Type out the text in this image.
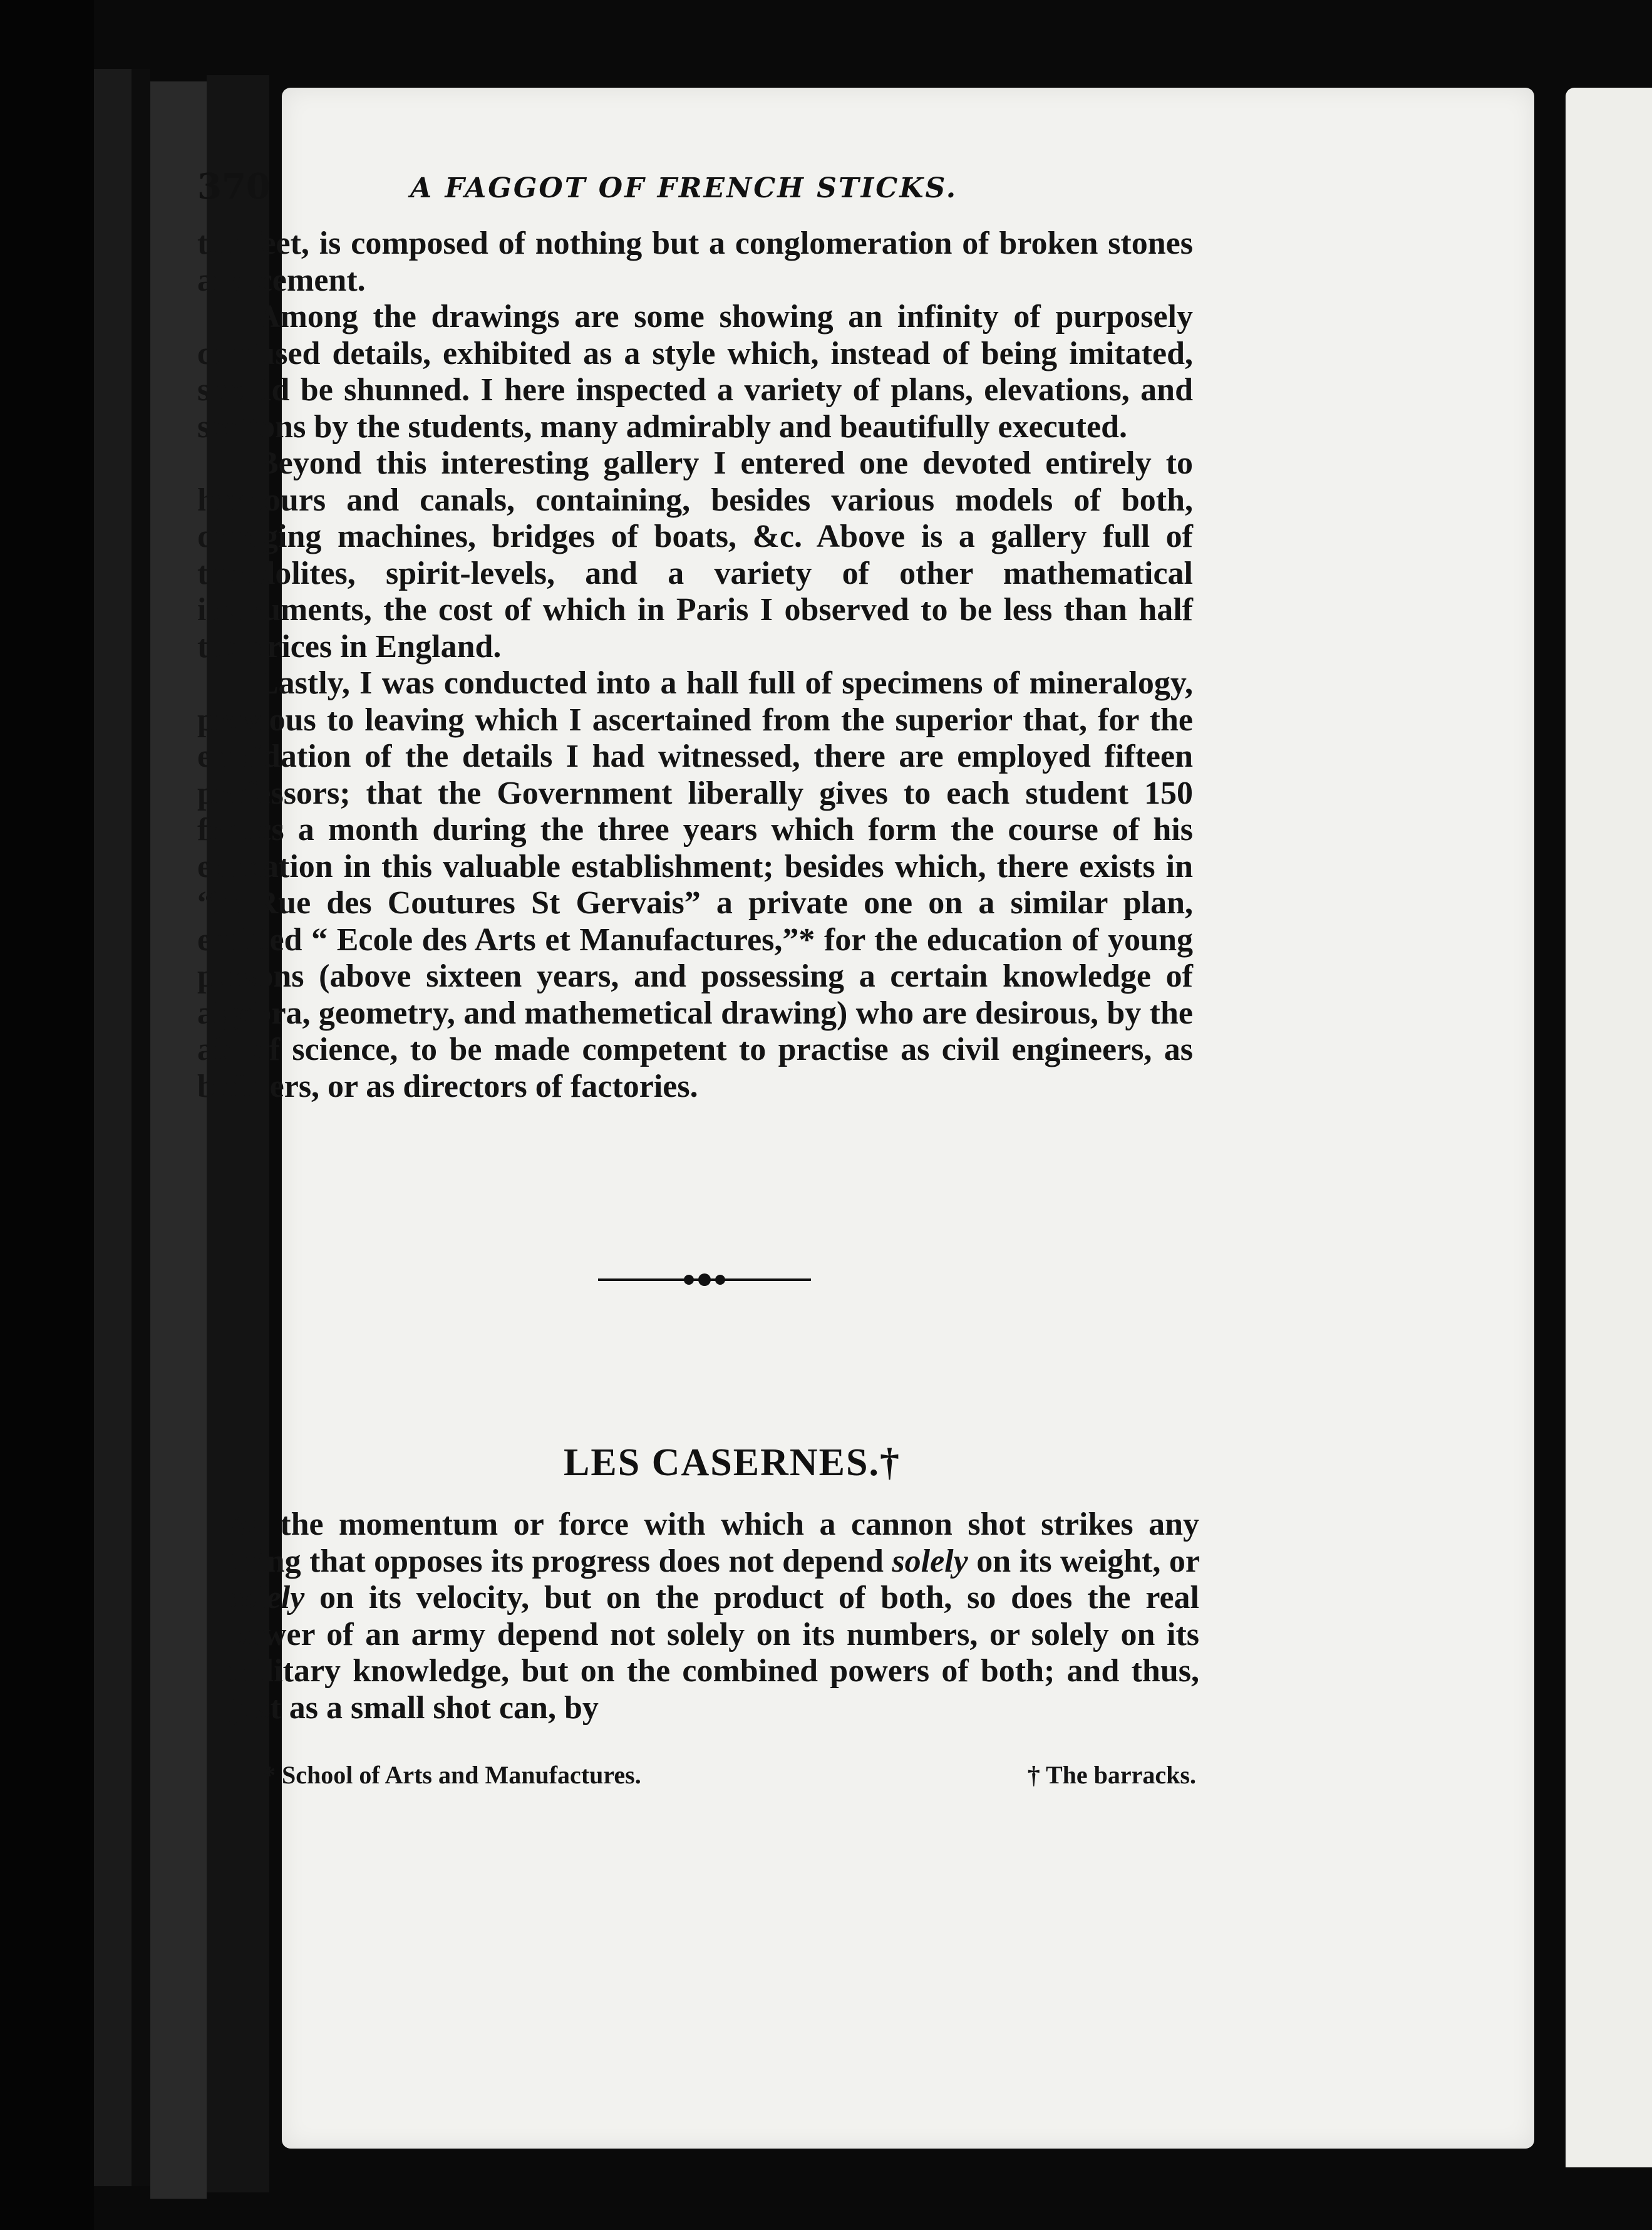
370	A FAGGOT OF FRENCH STICKS.

ten feet, is composed of nothing but a conglomeration of broken stones and cement.

Among the drawings are some showing an infinity of purposely confused details, exhibited as a style which, instead of being imitated, should be shunned. I here inspected a variety of plans, elevations, and sections by the students, many admirably and beautifully executed.

Beyond this interesting gallery I entered one devoted entirely to harbours and canals, containing, besides various models of both, dredging machines, bridges of boats, &c. Above is a gallery full of theodolites, spirit-levels, and a variety of other mathematical instruments, the cost of which in Paris I observed to be less than half the prices in England.

Lastly, I was conducted into a hall full of specimens of mineralogy, previous to leaving which I ascertained from the superior that, for the elucidation of the details I had witnessed, there are employed fifteen professors; that the Government liberally gives to each student 150 francs a month during the three years which form the course of his education in this valuable establishment; besides which, there exists in “la Rue des Coutures St Gervais” a private one on a similar plan, entitled “ Ecole des Arts et Manufactures,”* for the education of young persons (above sixteen years, and possessing a certain knowledge of algebra, geometry, and mathemetical drawing) who are desirous, by the aid of science, to be made competent to practise as civil engineers, as builders, or as directors of factories.

LES CASERNES.†

As the momentum or force with which a cannon shot strikes any thing that opposes its progress does not depend solely on its weight, or solely on its velocity, but on the product of both, so does the real power of an army depend not solely on its numbers, or solely on its military knowledge, but on the combined powers of both; and thus, just as a small shot can, by

* School of Arts and Manufactures.	† The barracks.
